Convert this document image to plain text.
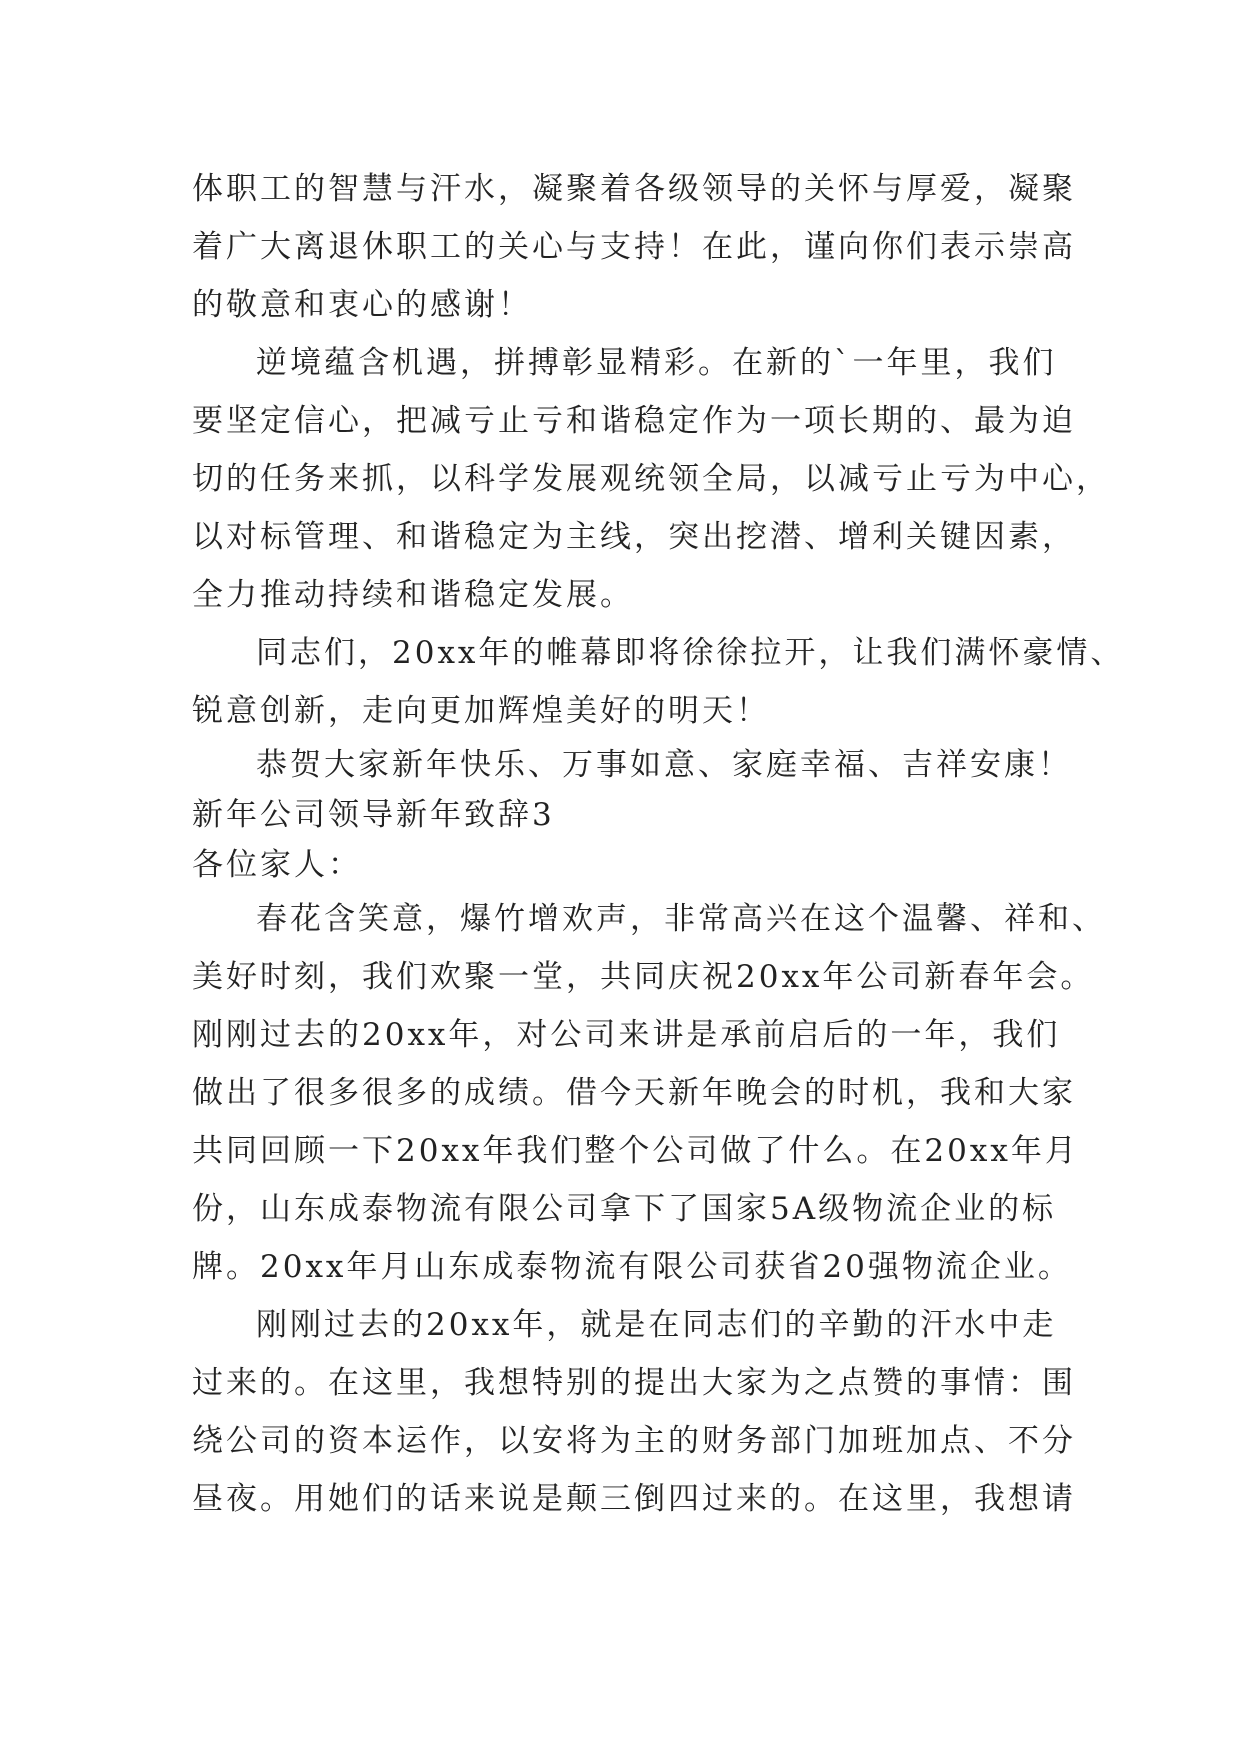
体职工的智慧与汗水，凝聚着各级领导的关怀与厚爱，凝聚
着广大离退休职工的关心与支持！在此，谨向你们表示崇高
的敬意和衷心的感谢！
逆境蕴含机遇，拼搏彰显精彩。在新的`一年里，我们
要坚定信心，把减亏止亏和谐稳定作为一项长期的、最为迫
切的任务来抓，以科学发展观统领全局，以减亏止亏为中心，
以对标管理、和谐稳定为主线，突出挖潜、增利关键因素，
全力推动持续和谐稳定发展。
同志们，20xx年的帷幕即将徐徐拉开，让我们满怀豪情、
锐意创新，走向更加辉煌美好的明天！
恭贺大家新年快乐、万事如意、家庭幸福、吉祥安康！
新年公司领导新年致辞3
各位家人：
春花含笑意，爆竹增欢声，非常高兴在这个温馨、祥和、
美好时刻，我们欢聚一堂，共同庆祝20xx年公司新春年会。
刚刚过去的20xx年，对公司来讲是承前启后的一年，我们
做出了很多很多的成绩。借今天新年晚会的时机，我和大家
共同回顾一下20xx年我们整个公司做了什么。在20xx年月
份，山东成泰物流有限公司拿下了国家5A级物流企业的标
牌。20xx年月山东成泰物流有限公司获省20强物流企业。
刚刚过去的20xx年，就是在同志们的辛勤的汗水中走
过来的。在这里，我想特别的提出大家为之点赞的事情：围
绕公司的资本运作，以安将为主的财务部门加班加点、不分
昼夜。用她们的话来说是颠三倒四过来的。在这里，我想请
